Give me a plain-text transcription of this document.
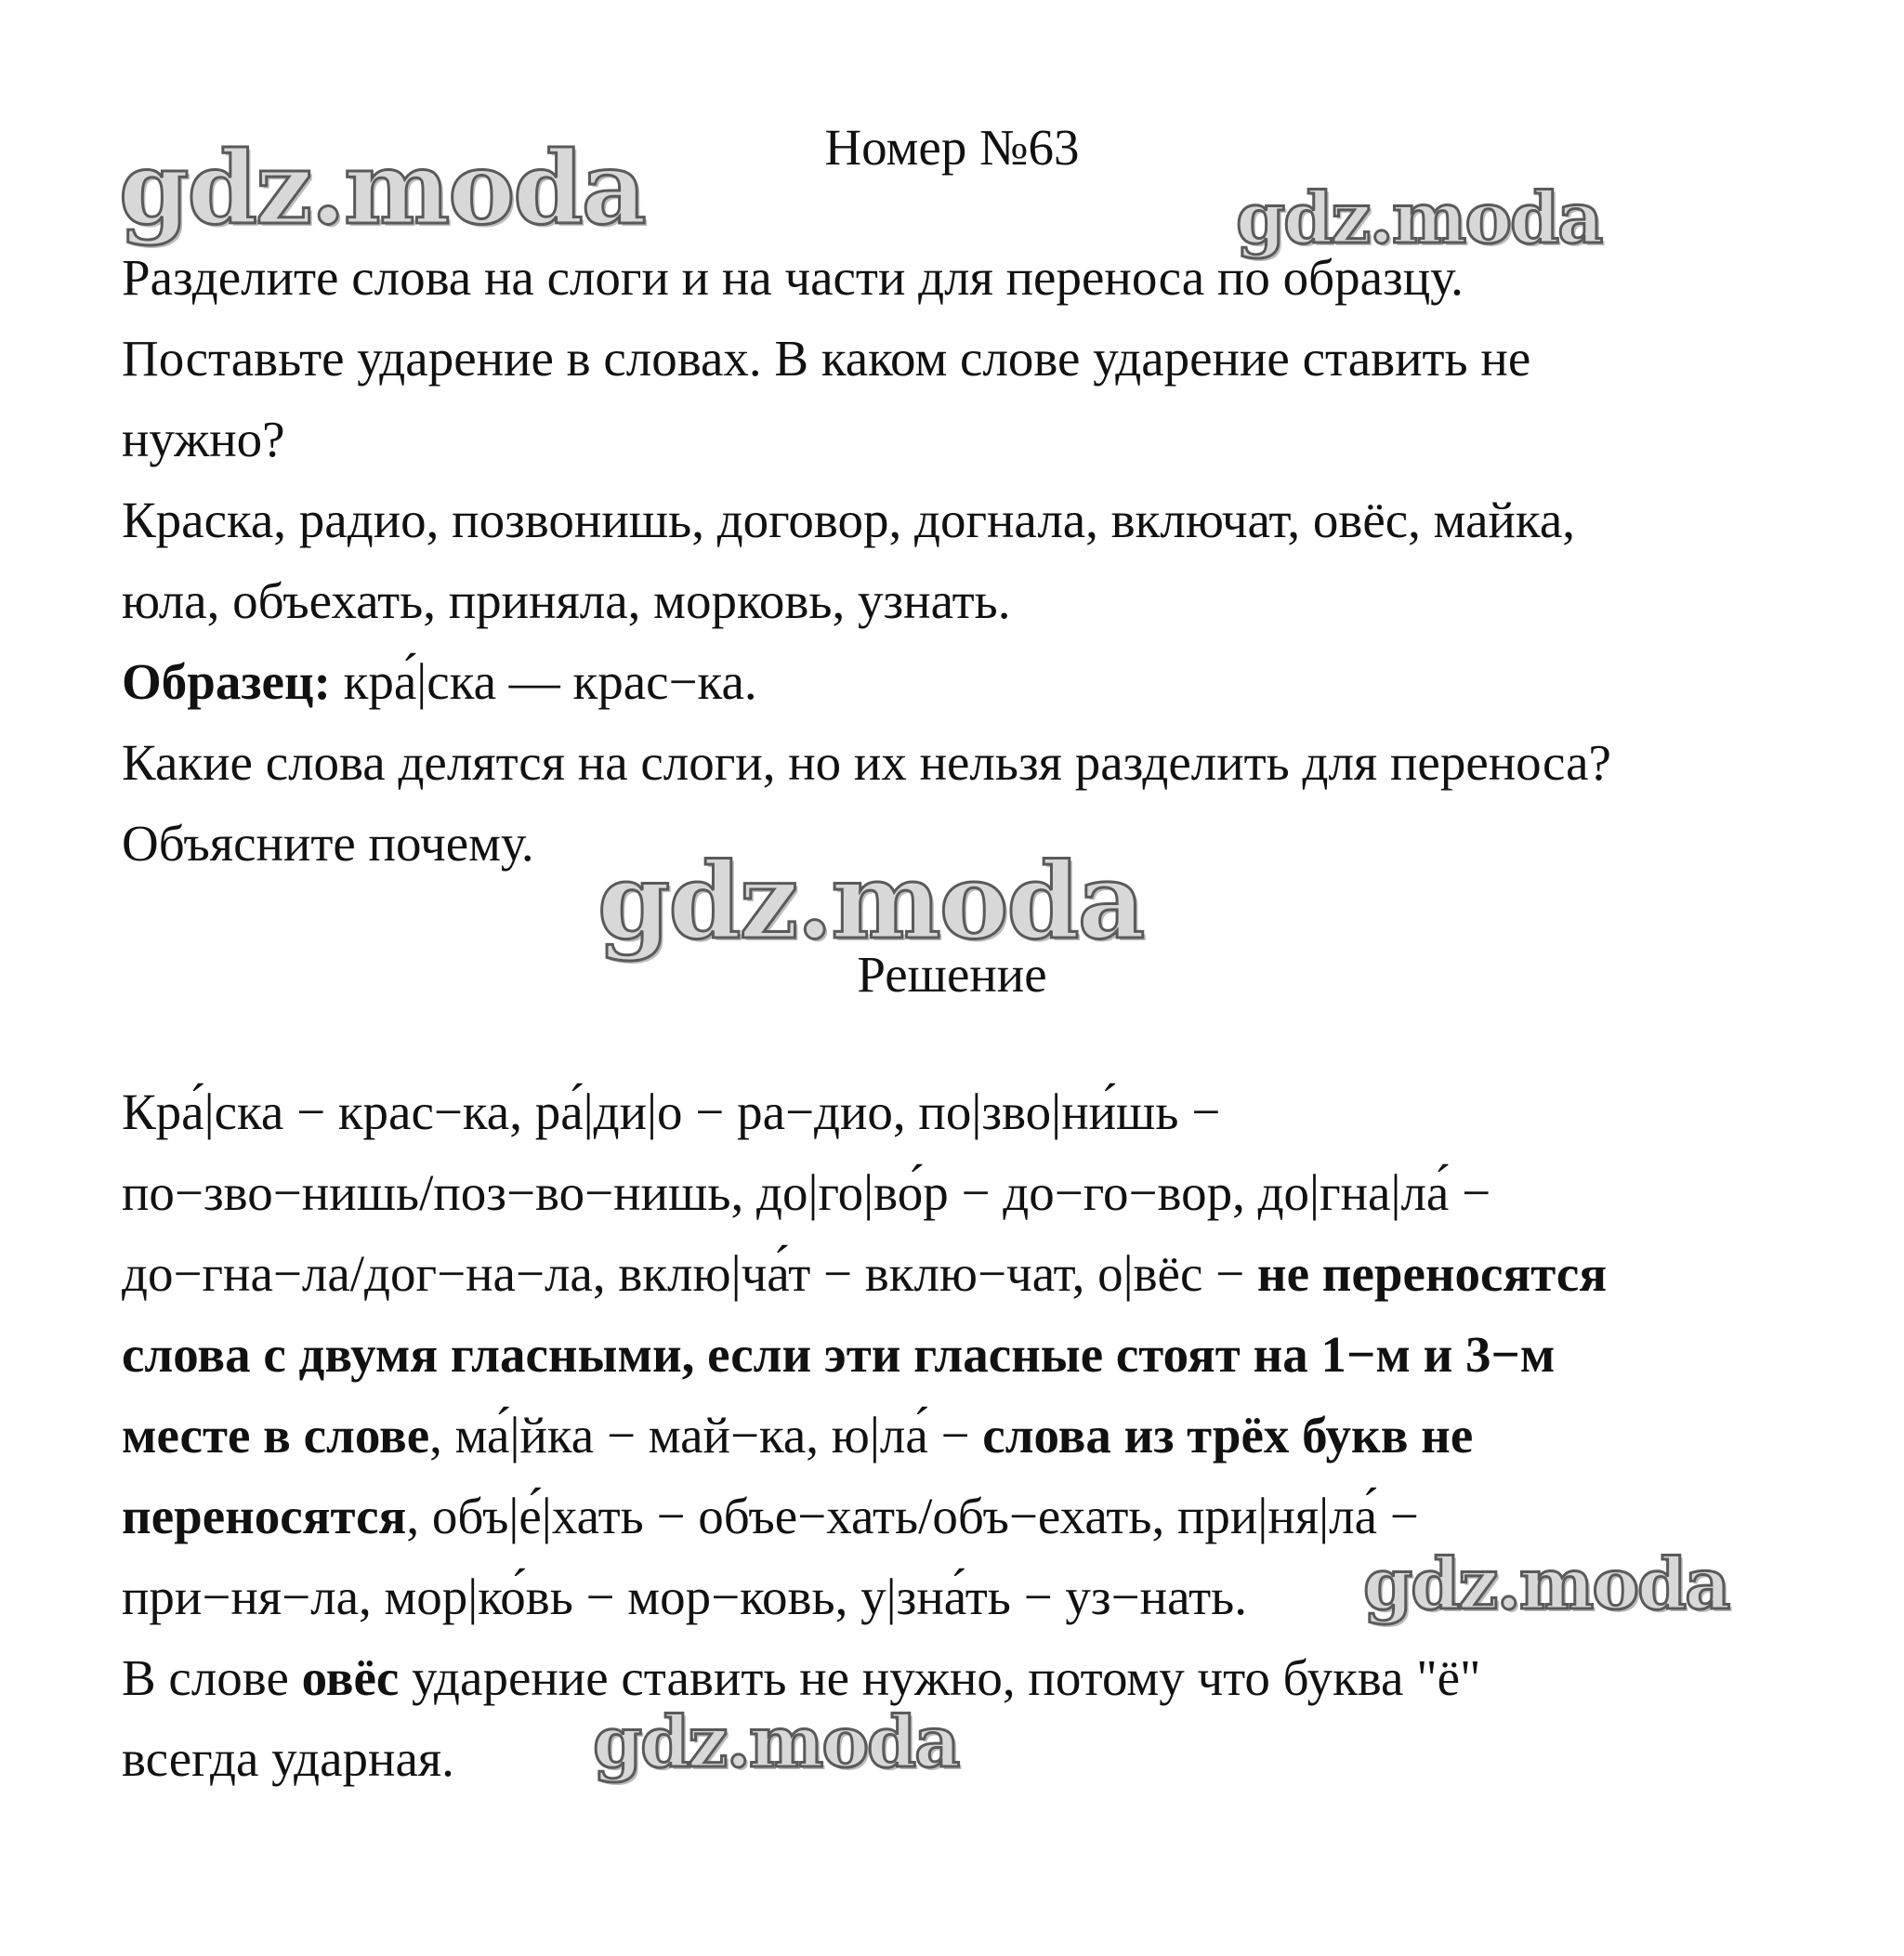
gdz.moda	gdz.moda
gdz.moda
gdz.moda
gdz.moda
Номер №63
Разделите слова на слоги и на части для переноса по образцу.
Поставьте ударение в словах. В каком слове ударение ставить не
нужно?
Краска, радио, позвонишь, договор, догнала, включат, овёс, майка,
юла, объехать, приняла, морковь, узнать.
Образец: кра́|ска — крас−ка.
Какие слова делятся на слоги, но их нельзя разделить для переноса?
Объясните почему.
Решение
Кра́|ска − крас−ка, ра́|ди|о − ра−дио, по|зво|ни́шь −
по−зво−нишь/поз−во−нишь, до|го|во́р − до−го−вор, до|гна|ла́ −
до−гна−ла/дог−на−ла, вклю|ча́т − вклю−чат, о|вёс − не переносятся
слова с двумя гласными, если эти гласные стоят на 1−м и 3−м
месте в слове, ма́|йка − май−ка, ю|ла́ − слова из трёх букв не
переносятся, объ|е́|хать − объе−хать/объ−ехать, при|ня|ла́ −
при−ня−ла, мор|ко́вь − мор−ковь, у|зна́ть − уз−нать.
В слове овёс ударение ставить не нужно, потому что буква "ё"
всегда ударная.
